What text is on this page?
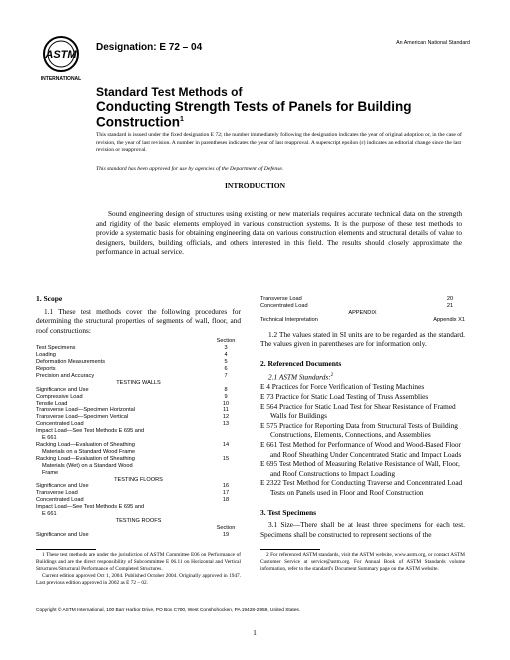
ASTM
INTERNATIONAL
Designation: E 72 – 04	An American National Standard
Standard Test Methods of
Conducting Strength Tests of Panels for Building
Construction$^1$
This standard is issued under the fixed designation E 72; the number immediately following the designation indicates the year of original adoption or, in the case of revision, the year of last revision. A number in parentheses indicates the year of last reapproval. A superscript epsilon (ε) indicates an editorial change since the last revision or reapproval.
This standard has been approved for use by agencies of the Department of Defense.
INTRODUCTION
Sound engineering design of structures using existing or new materials requires accurate technical data on the strength and rigidity of the basic elements employed in various construction systems. It is the purpose of these test methods to provide a systematic basis for obtaining engineering data on various construction elements and structural details of value to designers, builders, building officials, and others interested in this field. The results should closely approximate the performance in actual service.
1. Scope
1.1 These test methods cover the following procedures for determining the structural properties of segments of wall, floor, and roof constructions:
Section
Test Specimens	3
Loading	4
Deformation Measurements	5
Reports	6
Precision and Accuracy	7
TESTING WALLS
Significance and Use	8
Compressive Load	9
Tensile Load	10
Transverse Load—Specimen Horizontal	11
Transverse Load—Specimen Vertical	12
Concentrated Load	13
Impact Load—See Test Methods E 695 and
E 661
Racking Load—Evaluation of Sheathing	14
Materials on a Standard Wood Frame
Racking Load—Evaluation of Sheathing	15
Materials (Wet) on a Standard Wood
Frame
TESTING FLOORS
Significance and Use	16
Transverse Load	17
Concentrated Load	18
Impact Load—See Test Methods E 695 and
E 661
TESTING ROOFS
Section
Significance and Use	19
Transverse Load	20
Concentrated Load	21
APPENDIX
Technical Interpretation	Appendix X1
1.2 The values stated in SI units are to be regarded as the standard. The values given in parentheses are for information only.
2. Referenced Documents
2.1 ASTM Standards:$^2$
E 4 Practices for Force Verification of Testing Machines
E 73 Practice for Static Load Testing of Truss Assemblies
E 564 Practice for Static Load Test for Shear Resistance of Framed Walls for Buildings
E 575 Practice for Reporting Data from Structural Tests of Building Constructions, Elements, Connections, and Assemblies
E 661 Test Method for Performance of Wood and Wood-Based Floor and Roof Sheathing Under Concentrated Static and Impact Loads
E 695 Test Method of Measuring Relative Resistance of Wall, Floor, and Roof Constructions to Impact Loading
E 2322 Test Method for Conducting Traverse and Concentrated Load Tests on Panels used in Floor and Roof Construction
3. Test Specimens
3.1 Size—There shall be at least three specimens for each test. Specimens shall be constructed to represent sections of the

1 These test methods are under the jurisdiction of ASTM Committee E06 on Performance of Buildings and are the direct responsibility of Subcommittee E 06.11 on Horizontal and Vertical Structures/Structural Performance of Completed Structures.

Current edition approved Oct 1, 2004. Published October 2004. Originally approved in 1947. Last previous edition approved in 2002 as E 72 – 02.

2 For referenced ASTM standards, visit the ASTM website, www.astm.org, or contact ASTM Customer Service at service@astm.org. For Annual Book of ASTM Standards volume information, refer to the standard's Document Summary page on the ASTM website.

Copyright © ASTM International, 100 Barr Harbor Drive, PO Box C700, West Conshohocken, PA 19428-2959, United States.
1
